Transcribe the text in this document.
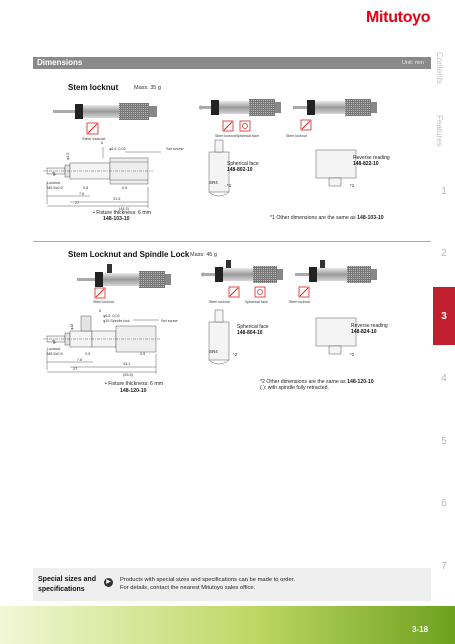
Mitutoyo
Contents
Features
1
2
3
4
5
6
7
Dimensions	Unit: mm
Stem locknut	Mass: 35 g
Stem locknut	Stem locknut Spherical face	Stem locknut
6
φ6.5 -0.03	Set screw
φ3.5
φ8
Locknut
M9.5x0.5	0.5
7.6
0.5
31.5
27
(44.5)
Spherical face
148-802-10
SR4
*1
Reverse reading
148-822-10
*1
• Fixture thickness: 6 mm
148-103-10	*1 Other dimensions are the same as 148-103-10
Stem Locknut and Spindle Lock Mass: 45 g
Stem locknut	Stem locknut	Spherical face	Stem locknut
6
φ6.5 -0.03
φ15 Spindle lock	Set screw
φ18
φ8
Locknut
M9.5x0.5	0.5
7.6
0.5
43.1
27
(53.5)
Spherical face
148-804-10
SR4
*2
Reverse reading
148-824-10
*2
• Fixture thickness: 6 mm
148-120-10
*2 Other dimensions are the same as 148-120-10
( ): with spindle fully retracted.
Special sizes and specifications
▶	Products with special sizes and specifications can be made to order.
For details, contact the nearest Mitutoyo sales office.
3-18
